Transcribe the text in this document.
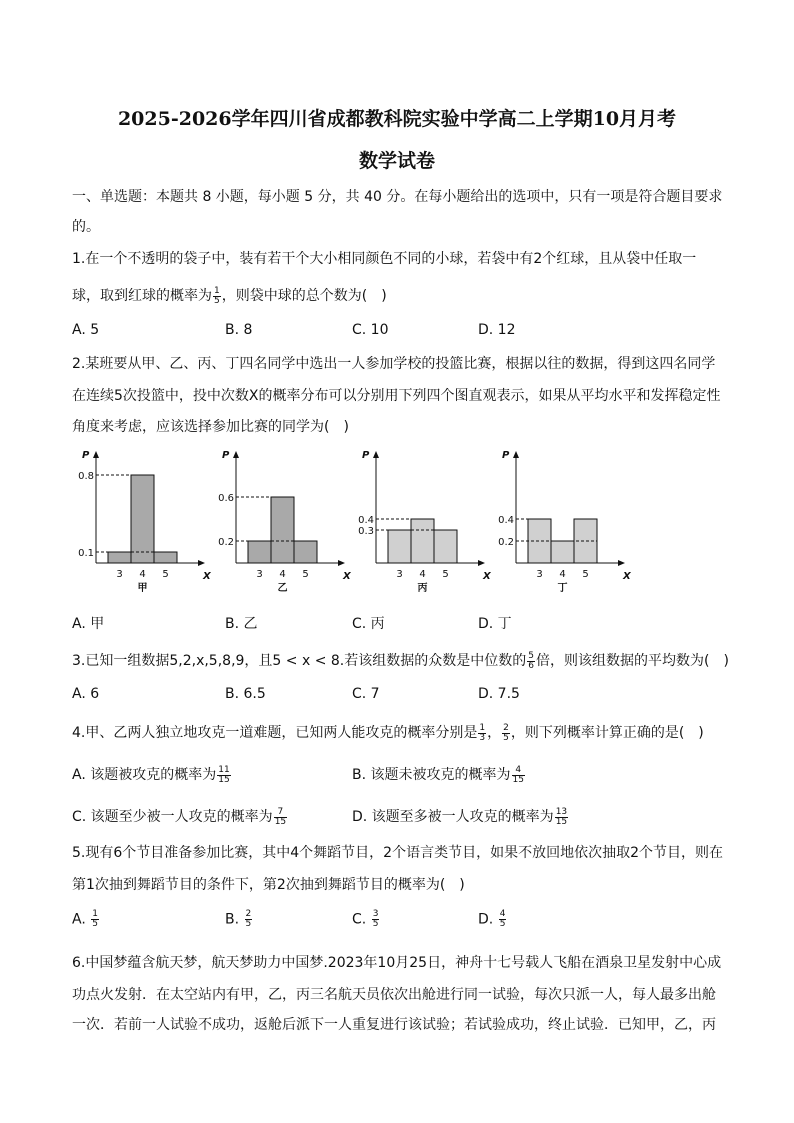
2025-2026学年四川省成都教科院实验中学高二上学期10月月考
数学试卷
一、单选题：本题共 8 小题，每小题 5 分，共 40 分。在每小题给出的选项中，只有一项是符合题目要求
的。
1.在一个不透明的袋子中，装有若干个大小相同颜色不同的小球，若袋中有2个红球，且从袋中任取一
球，取到红球的概率为 $\frac{1}{5}$ ，则袋中球的总个数为(　)
A. 5	B. 8	C. 10	D. 12
2.某班要从甲、乙、丙、丁四名同学中选出一人参加学校的投篮比赛，根据以往的数据，得到这四名同学
在连续5次投篮中，投中次数X的概率分布可以分别用下列四个图直观表示，如果从平均水平和发挥稳定性
角度来考虑，应该选择参加比赛的同学为(　)
P
X
3 4 5
0.8
0.1
甲
P
X
3 4 5
0.6
0.2
乙
P
X
3 4 5
0.4
0.3
丙
P
X
3 4 5
0.4
0.2
丁
A. 甲	B. 乙	C. 丙	D. 丁
3.已知一组数据5,2,x,5,8,9，且5 < x < 8.若该组数据的众数是中位数的 $\frac{5}{6}$ 倍，则该组数据的平均数为(　)
A. 6	B. 6.5	C. 7	D. 7.5
4.甲、乙两人独立地攻克一道难题，已知两人能攻克的概率分别是 $\frac{1}{3}$ ， $\frac{2}{5}$ ，则下列概率计算正确的是(　)
A. 该题被攻克的概率为 $\frac{11}{15}$	B. 该题未被攻克的概率为 $\frac{4}{15}$
C. 该题至少被一人攻克的概率为 $\frac{7}{15}$	D. 该题至多被一人攻克的概率为 $\frac{13}{15}$
5.现有6个节目准备参加比赛，其中4个舞蹈节目，2个语言类节目，如果不放回地依次抽取2个节目，则在
第1次抽到舞蹈节目的条件下，第2次抽到舞蹈节目的概率为(　)
A. $\frac{1}{5}$	B. $\frac{2}{5}$	C. $\frac{3}{5}$	D. $\frac{4}{5}$
6.中国梦蕴含航天梦，航天梦助力中国梦.2023年10月25日，神舟十七号载人飞船在酒泉卫星发射中心成
功点火发射．在太空站内有甲，乙，丙三名航天员依次出舱进行同一试验，每次只派一人，每人最多出舱
一次．若前一人试验不成功，返舱后派下一人重复进行该试验；若试验成功，终止试验．已知甲，乙，丙
